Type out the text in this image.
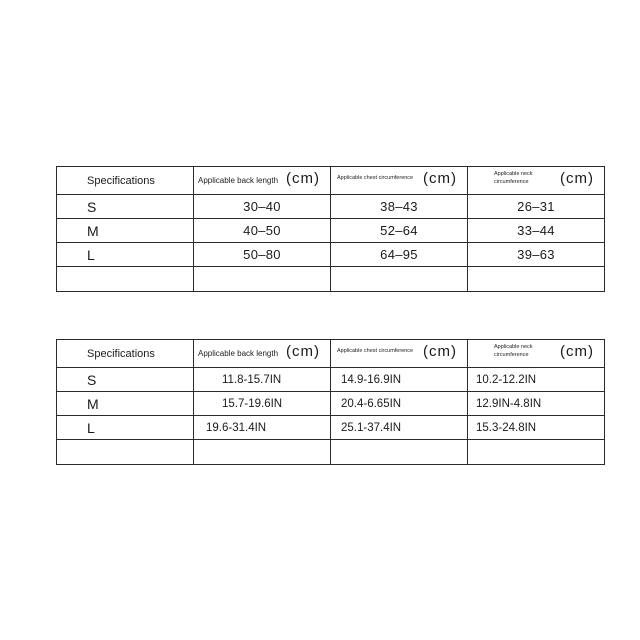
Specifications	Applicable back length (cm)	Applicable chest circumference (cm)	Applicable neck
circumference (cm)

S	30–40	38–43	26–31
M	40–50	52–64	33–44
L	50–80	64–95	39–63

Specifications	Applicable back length (cm)	Applicable chest circumference (cm)	Applicable neck
circumference (cm)

S	11.8-15.7IN	14.9-16.9IN	10.2-12.2IN
M	15.7-19.6IN	20.4-6.65IN	12.9IN-4.8IN
L	19.6-31.4IN	25.1-37.4IN	15.3-24.8IN
